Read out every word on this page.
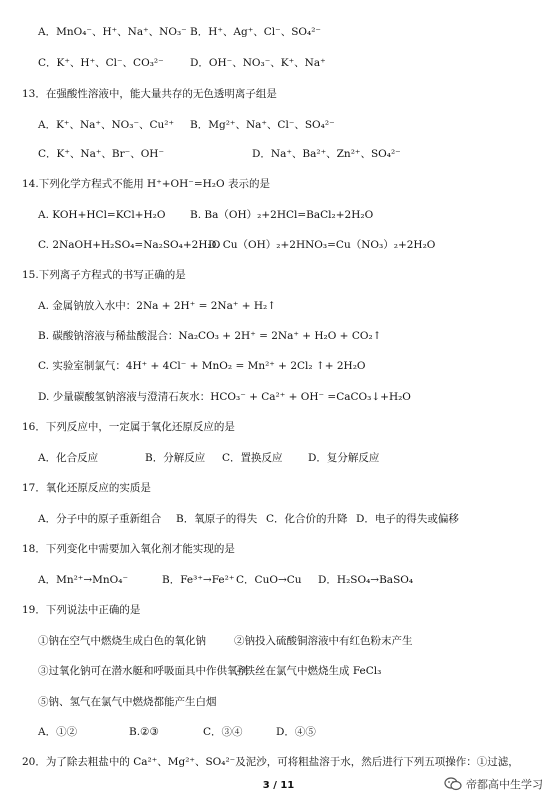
A．MnO₄⁻、H⁺、Na⁺、NO₃⁻ B．H⁺、Ag⁺、Cl⁻、SO₄²⁻
C．K⁺、H⁺、Cl⁻、CO₃²⁻	D．OH⁻、NO₃⁻、K⁺、Na⁺
13．在强酸性溶液中，能大量共存的无色透明离子组是
A．K⁺、Na⁺、NO₃⁻、Cu²⁺ B．Mg²⁺、Na⁺、Cl⁻、SO₄²⁻
C．K⁺、Na⁺、Br⁻、OH⁻	D．Na⁺、Ba²⁺、Zn²⁺、SO₄²⁻
14.下列化学方程式不能用 H⁺+OH⁻=H₂O 表示的是
A. KOH+HCl=KCl+H₂O B. Ba（OH）₂+2HCl=BaCl₂+2H₂O
C. 2NaOH+H₂SO₄=Na₂SO₄+2H₂O
D. Cu（OH）₂+2HNO₃=Cu（NO₃）₂+2H₂O
15.下列离子方程式的书写正确的是
A. 金属钠放入水中：2Na + 2H⁺ = 2Na⁺ + H₂↑
B. 碳酸钠溶液与稀盐酸混合：Na₂CO₃ + 2H⁺ = 2Na⁺ + H₂O + CO₂↑
C. 实验室制氯气：4H⁺ + 4Cl⁻ + MnO₂ = Mn²⁺ + 2Cl₂ ↑+ 2H₂O
D. 少量碳酸氢钠溶液与澄清石灰水：HCO₃⁻ + Ca²⁺ + OH⁻ =CaCO₃↓+H₂O
16．下列反应中，一定属于氧化还原反应的是
A．化合反应	B．分解反应 C．置换反应 D．复分解反应
17．氧化还原反应的实质是
A．分子中的原子重新组合 B．氧原子的得失 C．化合价的升降 D．电子的得失或偏移
18．下列变化中需要加入氧化剂才能实现的是
A．Mn²⁺→MnO₄⁻	B．Fe³⁺→Fe²⁺ C．CuO→Cu D．H₂SO₄→BaSO₄
19．下列说法中正确的是
①钠在空气中燃烧生成白色的氧化钠	②钠投入硫酸铜溶液中有红色粉末产生
③过氧化钠可在潜水艇和呼吸面具中作供氧剂
④铁丝在氯气中燃烧生成 FeCl₃
⑤钠、氢气在氯气中燃烧都能产生白烟
A．①②	B.②③	C．③④	D．④⑤
20．为了除去粗盐中的 Ca²⁺、Mg²⁺、SO₄²⁻及泥沙，可将粗盐溶于水，然后进行下列五项操作：①过滤，
3 / 11	帝都高中生学习
